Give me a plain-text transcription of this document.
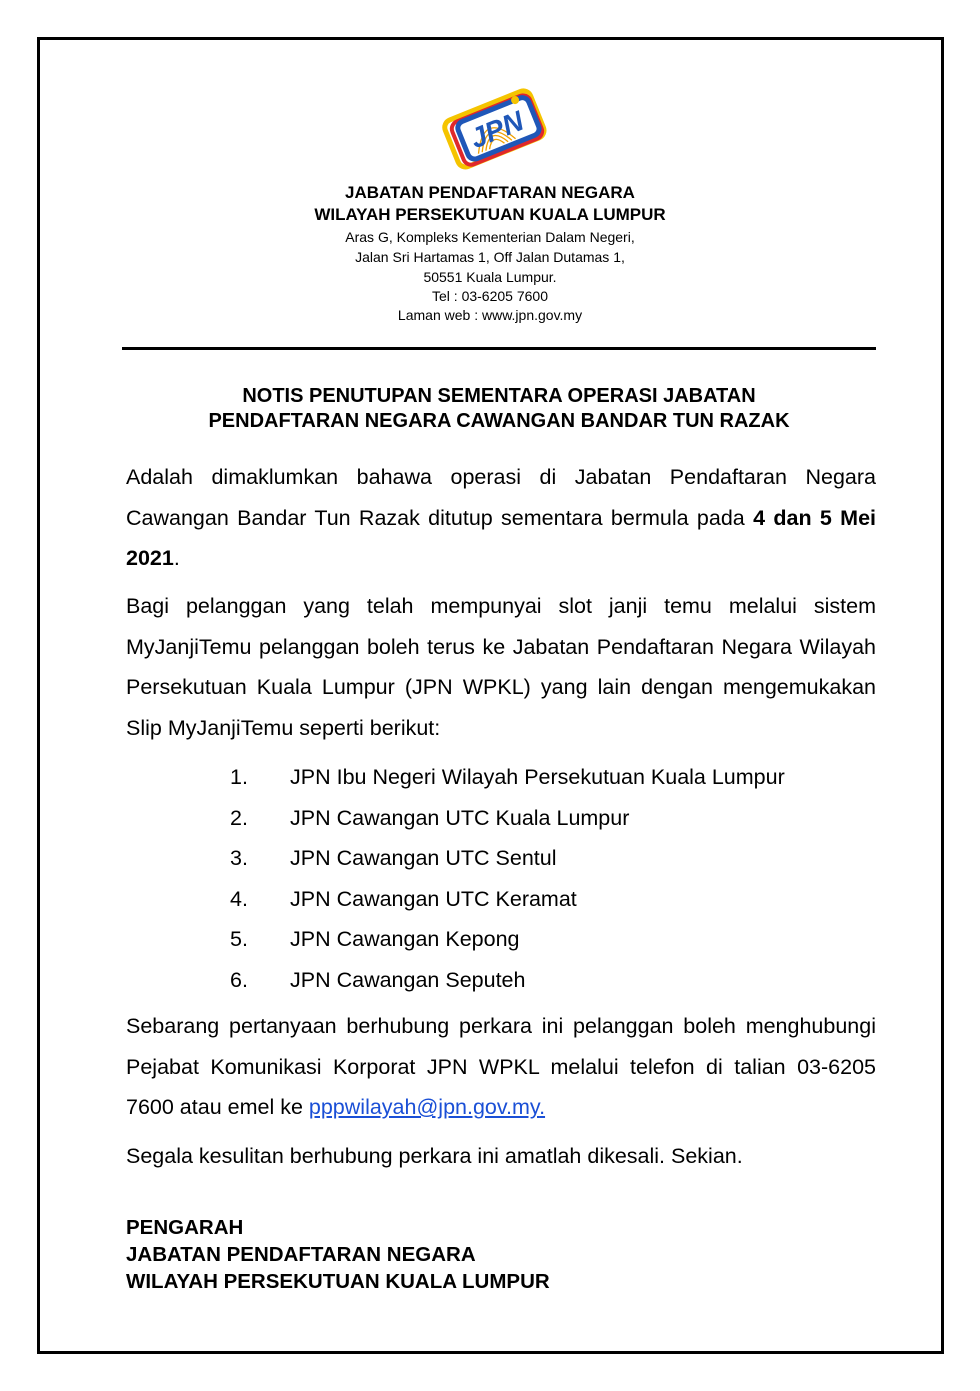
JPN
JABATAN PENDAFTARAN NEGARA
WILAYAH PERSEKUTUAN KUALA LUMPUR
Aras G, Kompleks Kementerian Dalam Negeri,
Jalan Sri Hartamas 1, Off Jalan Dutamas 1,
50551 Kuala Lumpur.
Tel : 03-6205 7600
Laman web : www.jpn.gov.my
NOTIS PENUTUPAN SEMENTARA OPERASI JABATAN
PENDAFTARAN NEGARA CAWANGAN BANDAR TUN RAZAK
Adalah dimaklumkan bahawa operasi di Jabatan Pendaftaran Negara Cawangan Bandar Tun Razak ditutup sementara bermula pada 4 dan 5 Mei 2021.
Bagi pelanggan yang telah mempunyai slot janji temu melalui sistem MyJanjiTemu pelanggan boleh terus ke Jabatan Pendaftaran Negara Wilayah Persekutuan Kuala Lumpur (JPN WPKL) yang lain dengan mengemukakan Slip MyJanjiTemu seperti berikut:
1. JPN Ibu Negeri Wilayah Persekutuan Kuala Lumpur
2. JPN Cawangan UTC Kuala Lumpur
3. JPN Cawangan UTC Sentul
4. JPN Cawangan UTC Keramat
5. JPN Cawangan Kepong
6. JPN Cawangan Seputeh
Sebarang pertanyaan berhubung perkara ini pelanggan boleh menghubungi Pejabat Komunikasi Korporat JPN WPKL melalui telefon di talian 03-6205 7600 atau emel ke pppwilayah@jpn.gov.my.
Segala kesulitan berhubung perkara ini amatlah dikesali. Sekian.
PENGARAH
JABATAN PENDAFTARAN NEGARA
WILAYAH PERSEKUTUAN KUALA LUMPUR
